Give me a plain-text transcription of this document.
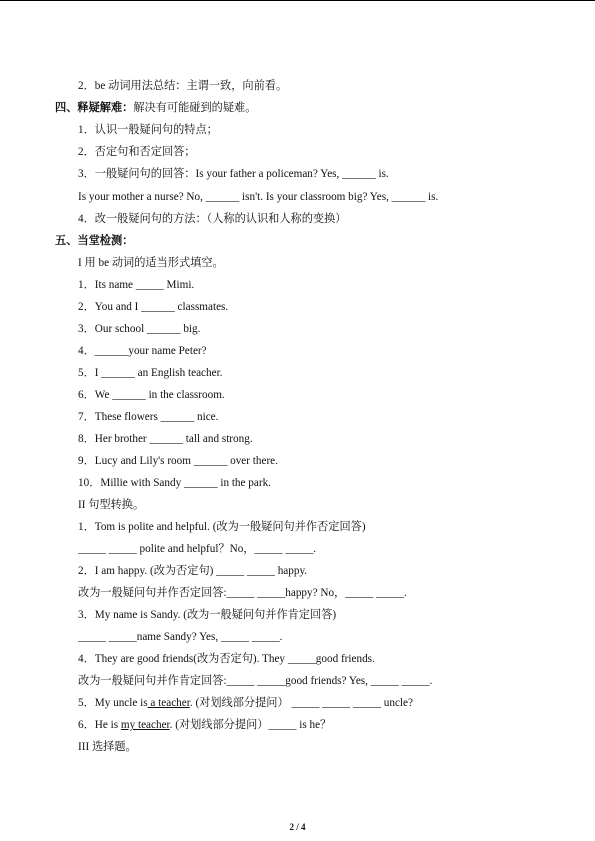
2．be 动词用法总结：主谓一致，向前看。
四、释疑解难：解决有可能碰到的疑难。
1．认识一般疑问句的特点；
2．否定句和否定回答；
3．一般疑问句的回答：Is your father a policeman? Yes, ______ is.
Is your mother a nurse? No, ______ isn't. Is your classroom big? Yes, ______ is.
4．改一般疑问句的方法：（人称的认识和人称的变换）
五、当堂检测：
I 用 be 动词的适当形式填空。
1．Its name _____ Mimi.
2．You and I ______ classmates.
3．Our school ______ big.
4．______your name Peter?
5．I ______ an English teacher.
6．We ______ in the classroom.
7．These flowers ______ nice.
8．Her brother ______ tall and strong.
9．Lucy and Lily's room ______ over there.
10．Millie with Sandy ______ in the park.
II 句型转换。
1．Tom is polite and helpful. (改为一般疑问句并作否定回答)
_____ _____ polite and helpful？No，_____ _____.
2．I am happy. (改为否定句) _____ _____ happy.
改为一般疑问句并作否定回答:_____ _____happy? No，_____ _____.
3．My name is Sandy. (改为一般疑问句并作肯定回答)
_____ _____name Sandy? Yes, _____ _____.
4．They are good friends(改为否定句). They _____good friends.
改为一般疑问句并作肯定回答:_____ _____good friends? Yes, _____ _____.
5．My uncle is a teacher. (对划线部分提问） _____ _____ _____ uncle?
6．He is my teacher. (对划线部分提问）_____ is he？
III 选择题。
2 / 4
